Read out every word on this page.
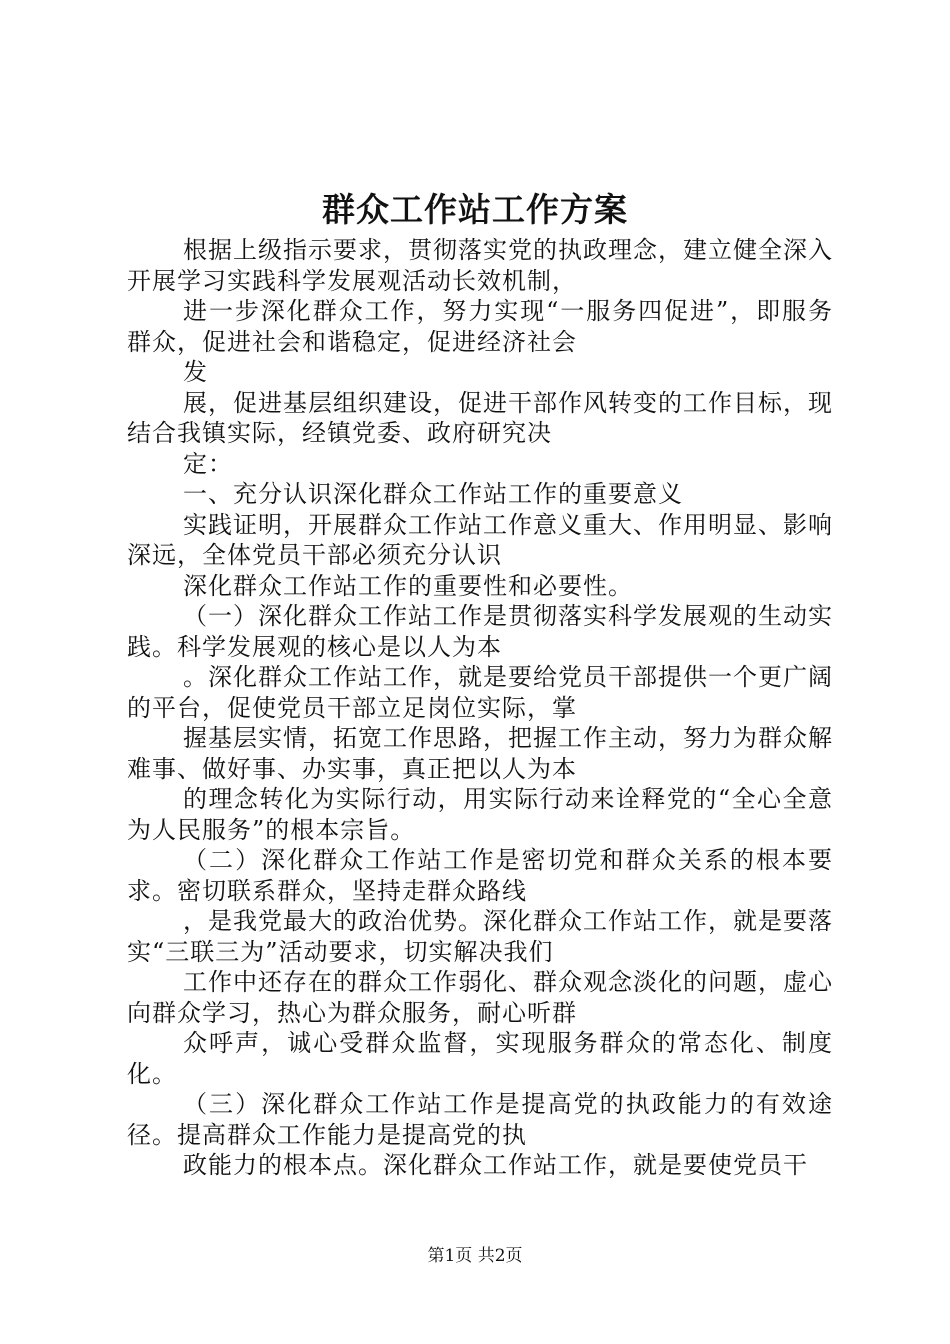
群众工作站工作方案

根据上级指示要求，贯彻落实党的执政理念，建立健全深入开展学习实践科学发展观活动长效机制，

进一步深化群众工作，努力实现“一服务四促进”，即服务群众，促进社会和谐稳定，促进经济社会

发

展，促进基层组织建设，促进干部作风转变的工作目标，现结合我镇实际，经镇党委、政府研究决

定：

一、充分认识深化群众工作站工作的重要意义

实践证明，开展群众工作站工作意义重大、作用明显、影响深远，全体党员干部必须充分认识

深化群众工作站工作的重要性和必要性。

（一）深化群众工作站工作是贯彻落实科学发展观的生动实践。科学发展观的核心是以人为本

。深化群众工作站工作，就是要给党员干部提供一个更广阔的平台，促使党员干部立足岗位实际，掌

握基层实情，拓宽工作思路，把握工作主动，努力为群众解难事、做好事、办实事，真正把以人为本

的理念转化为实际行动，用实际行动来诠释党的“全心全意为人民服务”的根本宗旨。

（二）深化群众工作站工作是密切党和群众关系的根本要求。密切联系群众，坚持走群众路线

，是我党最大的政治优势。深化群众工作站工作，就是要落实“三联三为”活动要求，切实解决我们

工作中还存在的群众工作弱化、群众观念淡化的问题，虚心向群众学习，热心为群众服务，耐心听群

众呼声，诚心受群众监督，实现服务群众的常态化、制度化。

（三）深化群众工作站工作是提高党的执政能力的有效途径。提高群众工作能力是提高党的执

政能力的根本点。深化群众工作站工作，就是要使党员干

第1页 共2页
